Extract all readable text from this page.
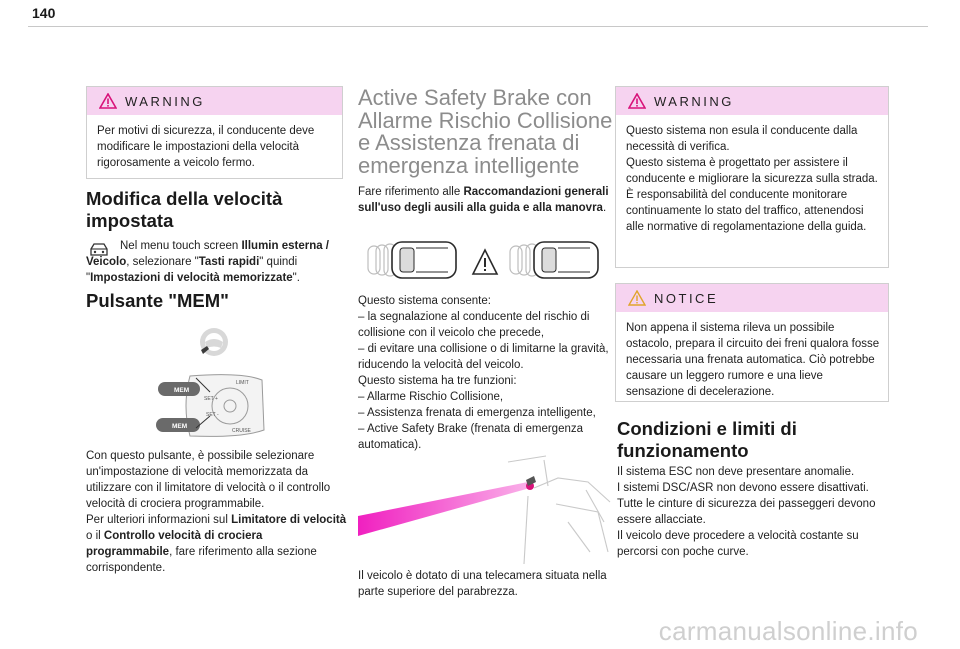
140
WARNING
Per motivi di sicurezza, il conducente deve modificare le impostazioni della velocità rigorosamente a veicolo fermo.
Modifica della velocità
impostata
Nel menu touch screen Illumin esterna / Veicolo, selezionare "Tasti rapidi" quindi "Impostazioni di velocità memorizzate".
Pulsante "MEM"
MEM
MEM
SET +
SET -
LIMIT
CRUISE
Con questo pulsante, è possibile selezionare un'impostazione di velocità memorizzata da utilizzare con il limitatore di velocità o il controllo velocità di crociera programmabile.
Per ulteriori informazioni sul Limitatore di velocità o il Controllo velocità di crociera programmabile, fare riferimento alla sezione corrispondente.
Active Safety Brake con
Allarme Rischio Collisione
e Assistenza frenata di
emergenza intelligente
Fare riferimento alle Raccomandazioni generali sull'uso degli ausili alla guida e alla manovra.
Questo sistema consente:
– la segnalazione al conducente del rischio di collisione con il veicolo che precede,
– di evitare una collisione o di limitarne la gravità, riducendo la velocità del veicolo.
Questo sistema ha tre funzioni:
– Allarme Rischio Collisione,
– Assistenza frenata di emergenza intelligente,
– Active Safety Brake (frenata di emergenza automatica).
Il veicolo è dotato di una telecamera situata nella parte superiore del parabrezza.
WARNING
Questo sistema non esula il conducente dalla necessità di verifica.
Questo sistema è progettato per assistere il conducente e migliorare la sicurezza sulla strada.
È responsabilità del conducente monitorare continuamente lo stato del traffico, attenendosi alle normative di regolamentazione della guida.
NOTICE
Non appena il sistema rileva un possibile ostacolo, prepara il circuito dei freni qualora fosse necessaria una frenata automatica. Ciò potrebbe causare un leggero rumore e una lieve sensazione di decelerazione.
Condizioni e limiti di
funzionamento
Il sistema ESC non deve presentare anomalie.
I sistemi DSC/ASR non devono essere disattivati.
Tutte le cinture di sicurezza dei passeggeri devono essere allacciate.
Il veicolo deve procedere a velocità costante su percorsi con poche curve.
carmanualsonline.info
